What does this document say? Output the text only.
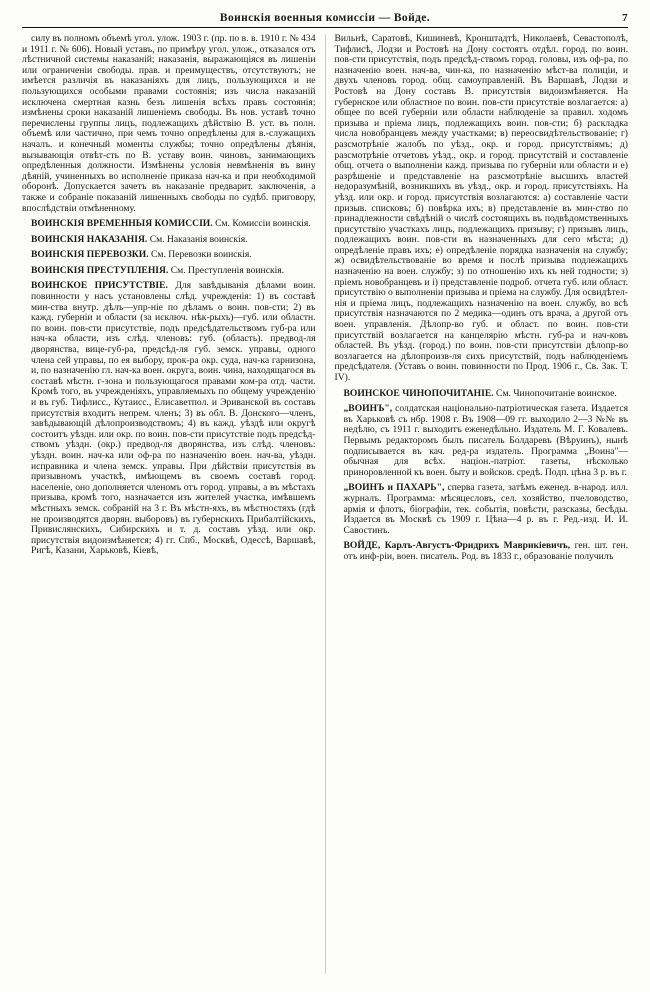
Воинскія военныя комиссіи — Войде.	7

силу въ полномъ объемѣ угол. улож. 1903 г. (пр. по в. в. 1910 г. № 434 и 1911 г. № 606). Новый уставъ, по примѣру угол. улож., отказался отъ лѣстничной системы наказаній; наказанія, выражающіяся въ лишеніи или ограниченіи свободы. прав. и преимуществъ, отсутствуютъ; не имѣется различія въ наказаніяхъ для лицъ, пользующихся и не пользующихся особыми правами состоянія; изъ числа наказаній исключена смертная казнь безъ лишенія всѣхъ правъ состоянія; измѣнены сроки наказаній лишеніемъ свободы. Въ нов. уставѣ точно перечислены группы лицъ, подлежащихъ дѣйствію В. уст. въ полн. объемѣ или частично, при чемъ точно опредѣлены для в.-служащихъ началъ. и конечный моменты службы; точно опредѣлены дѣянія, вызывающія отвѣт-сть по В. уставу воин. чиновъ, занимающихъ опредѣленныя должности. Измѣнены условія невмѣненія въ вину дѣяній, учиненныхъ во исполненіе приказа нач-ка и при необходимой оборонѣ. Допускается зачетъ въ наказаніе предварит. заключенія, а также и собраніе показаній лишенныхъ свободы по судѣб. приговору, впослѣдствіи отмѣненному.

ВОИНСКІЯ ВРЕМЕННЫЯ КОМИССІИ. См. Комиссіи воинскія.

ВОИНСКІЯ НАКАЗАНІЯ. См. Наказанія воинскія.

ВОИНСКІЯ ПЕРЕВОЗКИ. См. Перевозки воинскія.

ВОИНСКІЯ ПРЕСТУПЛЕНІЯ. См. Преступленія воинскія.

ВОИНСКОЕ ПРИСУТСТВІЕ. Для завѣдыванія дѣлами воин. повинности у насъ установлены слѣд. учрежденія: 1) въ составѣ мин-ства внутр. дѣлъ—упр-ніе по дѣламъ о воин. пов-сти; 2) въ кажд. губерніи и области (за исключ. нѣк-рыхъ)—губ. или областн. по воин. пов-сти присутствіе, подъ предсѣдательствомъ губ-ра или нач-ка области, изъ слѣд. членовъ: губ. (область). предвод-ля дворянства, вице-губ-ра, предсѣд-ля губ. земск. управы, одного члена сей управы, по ея выбору, прок-ра окр. суда, нач-ка гарнизона, и, по назначенію гл. нач-ка воен. округа, воин. чина, находящагося въ составѣ мѣстн. г-зона и пользующагося правами ком-ра отд. части. Кромѣ того, въ учрежденіяхъ, управляемыхъ по общему учрежденію и въ губ. Тифлисс., Кутаисс., Елисаветпол. и Эриванской въ составъ присутствія входитъ непрем. членъ; 3) въ обл. В. Донского—членъ, завѣдывающій дѣлопроизводствомъ; 4) въ кажд. уѣздѣ или округѣ состоитъ уѣздн. или окр. по воин. пов-сти присутствіе подъ предсѣд-ствомъ уѣздн. (окр.) предвод-ля дворянства, изъ слѣд. членовъ: уѣздн. воин. нач-ка или оф-ра по назначенію воен. нач-ва, уѣздн. исправника и члена земск. управы. При дѣйствіи присутствія въ призывномъ участкѣ, имѣющемъ въ своемъ составѣ город. населеніе, оно дополняется членомъ отъ город. управы, а въ мѣстахъ призыва, кромѣ того, назначается изъ жителей участка, имѣвшемъ мѣстныхъ земск. собраній на 3 г. Въ мѣстн-яхъ, въ мѣстностяхъ (гдѣ не производятся дворян. выборовъ) въ губернскихъ Прибалтійскихъ, Привислянскихъ, Сибирскихъ и т. д. составъ уѣзд. или окр. присутствія видоизмѣняется; 4) гг. Спб., Москвѣ, Одессѣ, Варшавѣ, Ригѣ, Казани, Харьковѣ, Кіевѣ,

Вильнѣ, Саратовѣ, Кишиневѣ, Кронштадтѣ, Николаевѣ, Севастополѣ, Тифлисѣ, Лодзи и Ростовѣ на Дону состоятъ отдѣл. город. по воин. пов-сти присутствія, подъ предсѣд-ствомъ город. головы, изъ оф-ра, по назначенію воен. нач-ва, чин-ка, по назначенію мѣст-ва полиціи, и двухъ членовъ город. общ. самоуправленій. Въ Варшавѣ, Лодзи и Ростовѣ на Дону составъ В. присутствія видоизмѣняется. На губернское или областное по воин. пов-сти присутствіе возлагается: а) общее по всей губерніи или области наблюденіе за правил. ходомъ призыва и пріема лицъ, подлежащихъ воин. пов-сти; б) раскладка числа новобранцевъ между участками; в) переосвидѣтельствованіе; г) разсмотрѣніе жалобъ по уѣзд., окр. и город. присутствіямъ; д) разсмотрѣніе отчетовъ уѣзд., окр. и город. присутствій и составленіе общ. отчета о выполненіи кажд. призыва по губерніи или области и е) разрѣшеніе и представленіе на разсмотрѣніе высшихъ властей недоразумѣній, возникшихъ въ уѣзд., окр. и город. присутствіяхъ. На уѣзд. или окр. и город. присутствія возлагаются: а) составленіе части призыв. списковъ; б) повѣрка ихъ; в) представленіе въ мин-ство по принадлежности свѣдѣній о числѣ состоящихъ въ подвѣдомственныхъ присутствію участкахъ лицъ, подлежащихъ призыву; г) призывъ лицъ, подлежащихъ воин. пов-сти въ назначенныхъ для сего мѣста; д) опредѣленіе правъ ихъ; е) опредѣленіе порядка назначенія на службу; ж) освидѣтельствованіе во время и послѣ призыва подлежащихъ назначенію на воен. службу; з) по отношенію ихъ къ ней годности; з) пріемъ новобранцевъ и і) представленіе подроб. отчета губ. или област. присутствію о выполненіи призыва и пріема на службу. Для освидѣтел-нія и пріема лицъ, подлежащихъ назначенію на воен. службу, во всѣ присутствія назначаются по 2 медика—одинъ отъ врача, а другой отъ воен. управленія. Дѣлопр-во губ. и област. по воин. пов-сти присутствій возлагается на канцелярію мѣстн. губ-ра и нач-ковъ областей. Въ уѣзд. (город.) по воин. пов-сти присутствіи дѣлопр-во возлагается на дѣлопроизв-ля сихъ присутствій, подъ наблюденіемъ предсѣдателя. (Уставъ о воин. повинности по Прод. 1906 г., Св. Зак. Т. IV).

ВОИНСКОЕ ЧИНОПОЧИТАНІЕ. См. Чинопочитаніе воинское.

„ВОИНЪ", солдатская національно-патріотическая газета. Издается въ Харьковѣ съ нбр. 1908 г. Въ 1908—09 гг. выходило 2—3 №№ въ недѣлю, съ 1911 г. выходитъ еженедѣльно. Издатель М. Г. Ковалевъ. Первымъ редакторомъ былъ писатель Болдаревъ (Вѣруинъ), нынѣ подписывается въ кач. ред-ра издатель. Программа „Воина"—обычная для всѣх. націон.-патріот. газеты, нѣсколько приноровленной къ воен. быту и войсков. средѣ. Подп. цѣна 3 р. въ г.

„ВОИНЪ и ПАХАРЬ", сперва газета, затѣмъ еженед. в-народ. илл. журналъ. Программа: мѣсяцесловъ, сел. хозяйство, пчеловодство, армія и флотъ, біографіи, тек. событія, повѣсти, разсказы, бесѣды. Издается въ Москвѣ съ 1909 г. Цѣна—4 р. въ г. Ред.-изд. И. И. Савостинъ.

ВОЙДЕ, Карлъ-Августъ-Фридрихъ Маврикіевичъ, ген. шт. ген. отъ инф-ріи, воен. писатель. Род. въ 1833 г., образованіе получилъ
